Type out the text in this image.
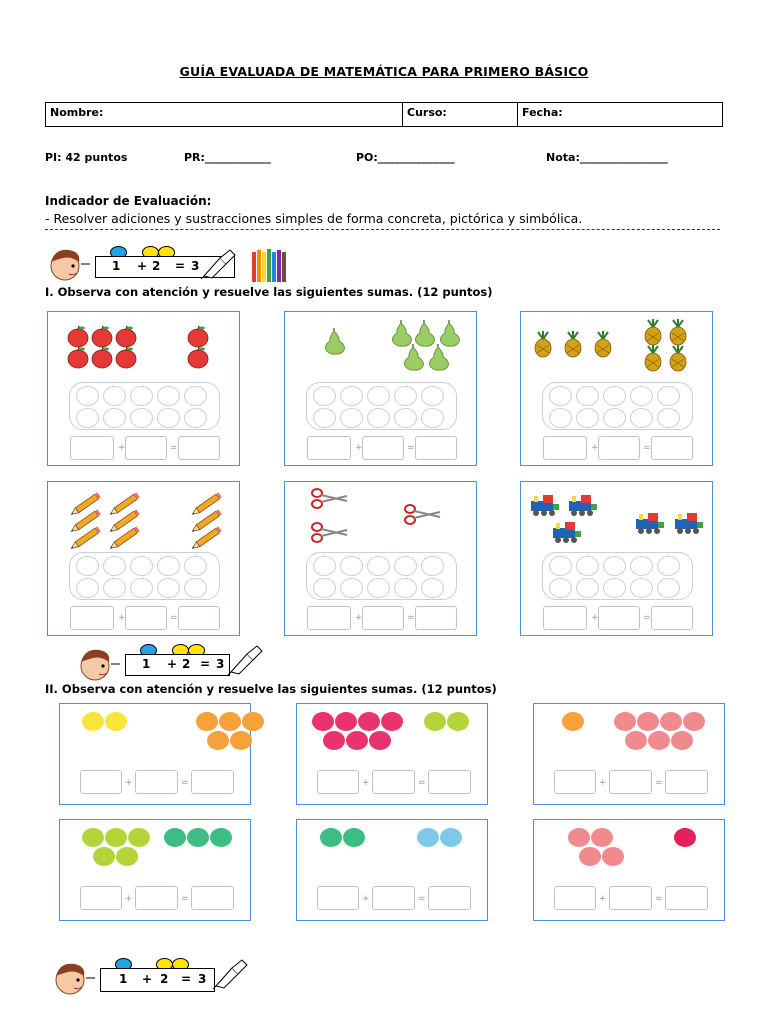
GUÍA EVALUADA DE MATEMÁTICA PARA PRIMERO BÁSICO
Nombre:	Curso:	Fecha:
PI: 42 puntos	PR:____________	PO:______________	Nota:________________
Indicador de Evaluación:
- Resolver adiciones y sustracciones simples de forma concreta, pictórica y simbólica.
1 + 2 = 3
I. Observa con atención y resuelve las siguientes sumas. (12 puntos)
+	=	+	=	+	=
+	=	+	=	+	=
1 + 2 = 3
II. Observa con atención y resuelve las siguientes sumas. (12 puntos)
+	=	+	=	+	=
+	=	+	=	+	=
1 + 2 = 3
